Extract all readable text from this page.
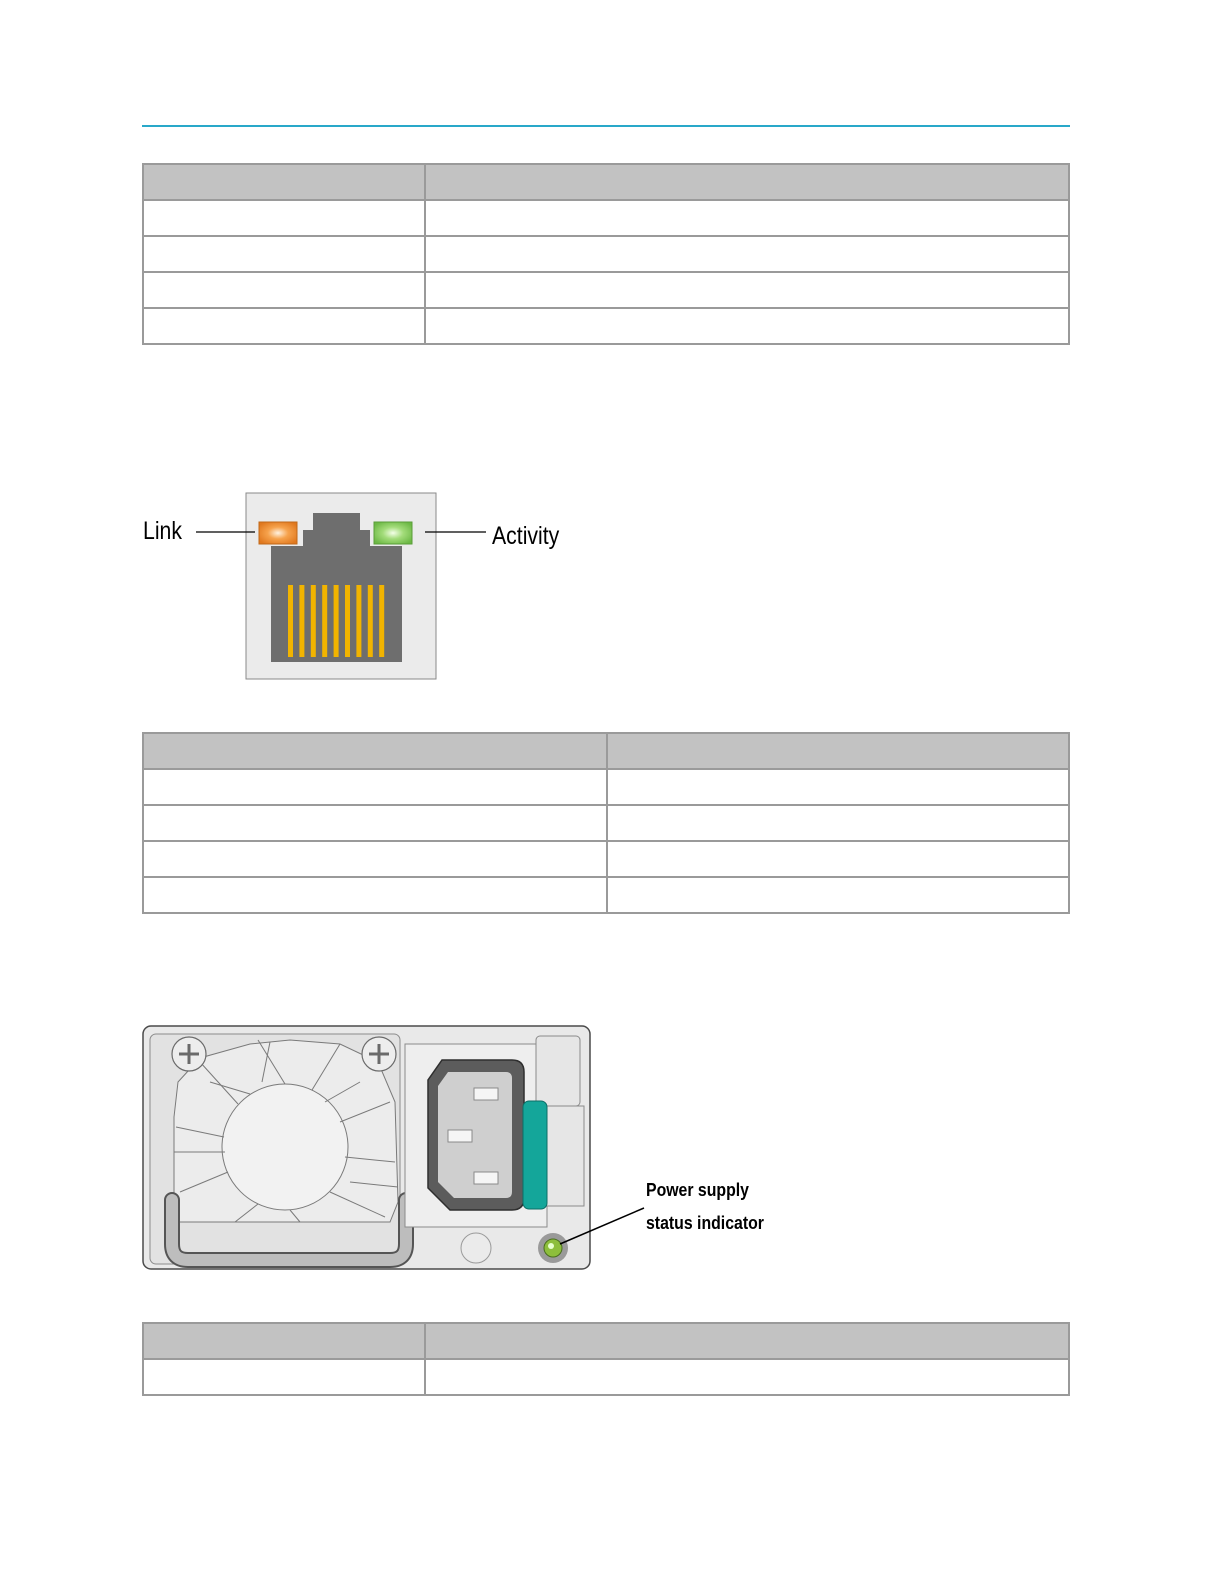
Link	Activity

Power supply
status indicator
